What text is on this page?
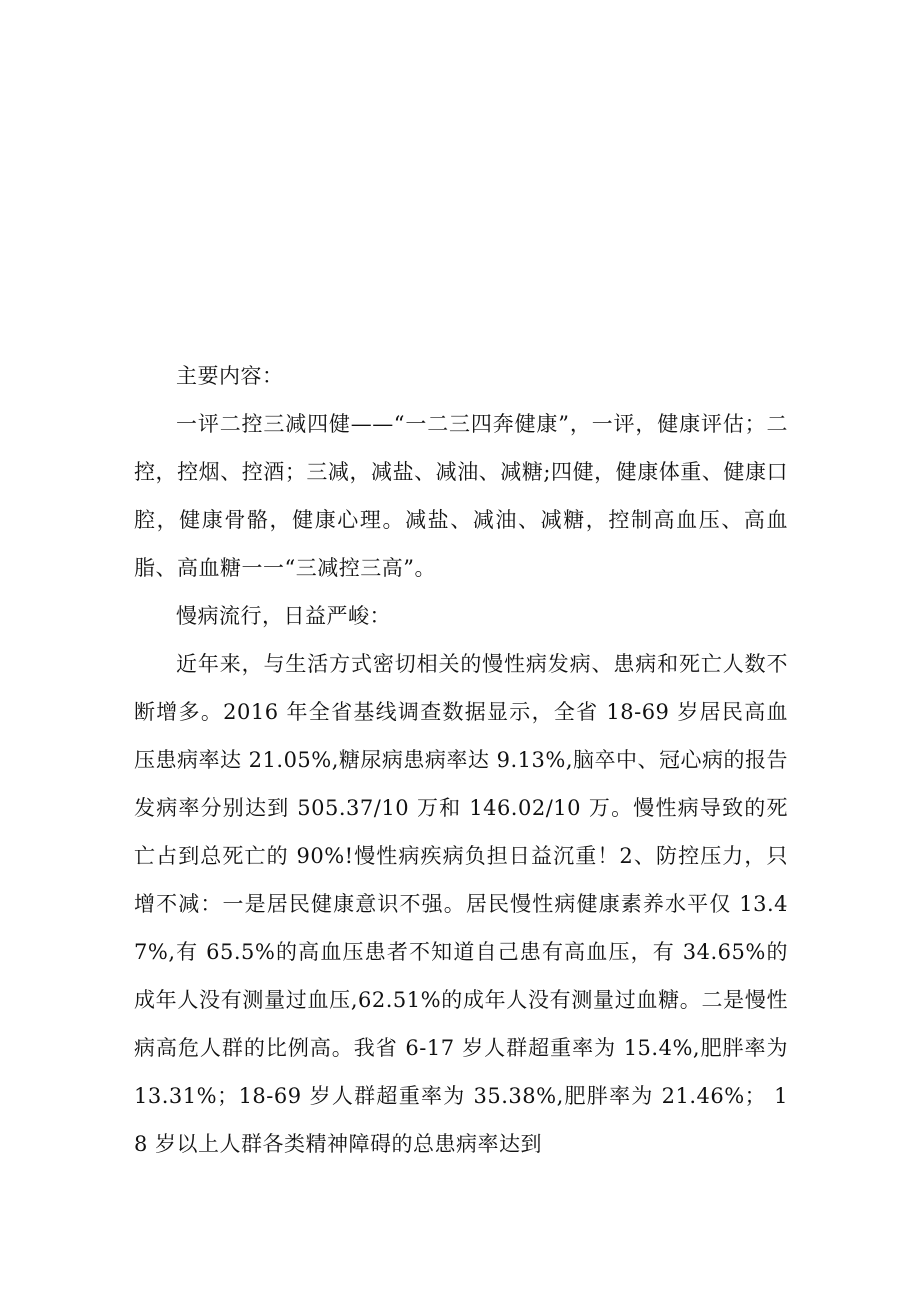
主要内容：

一评二控三减四健——“一二三四奔健康”，一评，健康评估；二控，控烟、控酒；三减，减盐、减油、减糖;四健，健康体重、健康口腔，健康骨骼，健康心理。减盐、减油、减糖，控制高血压、高血脂、高血糖一一“三减控三高”。

慢病流行，日益严峻：

近年来，与生活方式密切相关的慢性病发病、患病和死亡人数不断增多。2016 年全省基线调查数据显示，全省 18-69 岁居民高血压患病率达 21.05%,糖尿病患病率达 9.13%,脑卒中、冠心病的报告发病率分别达到 505.37/10 万和 146.02/10 万。慢性病导致的死亡占到总死亡的 90%!慢性病疾病负担日益沉重！2、防控压力，只增不减：一是居民健康意识不强。居民慢性病健康素养水平仅 13.47%,有 65.5%的高血压患者不知道自己患有高血压，有 34.65%的成年人没有测量过血压,62.51%的成年人没有测量过血糖。二是慢性病高危人群的比例高。我省 6-17 岁人群超重率为 15.4%,肥胖率为 13.31%；18-69 岁人群超重率为 35.38%,肥胖率为 21.46%； 18 岁以上人群各类精神障碍的总患病率达到
